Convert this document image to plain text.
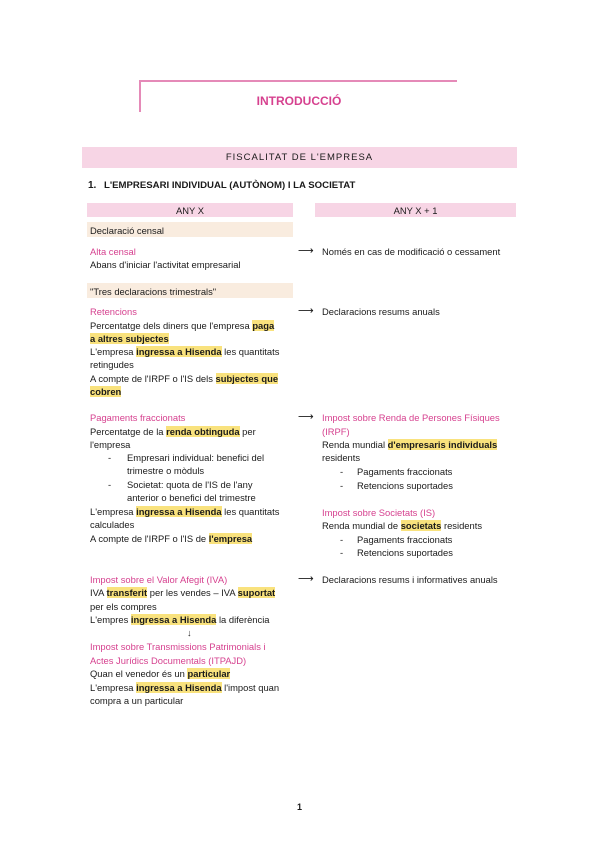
INTRODUCCIÓ
FISCALITAT DE L'EMPRESA
1. L'EMPRESARI INDIVIDUAL (AUTÒNOM) I LA SOCIETAT
ANY X	ANY X + 1
Declaració censal
Alta censal
Abans d'iniciar l'activitat empresarial
⟶ Només en cas de modificació o cessament
"Tres declaracions trimestrals"
Retencions
Percentatge dels diners que l'empresa paga
a altres subjectes
L'empresa ingressa a Hisenda les quantitats
retingudes
A compte de l'IRPF o l'IS dels subjectes que
cobren
⟶ Declaracions resums anuals
Pagaments fraccionats
Percentatge de la renda obtinguda per
l'empresa
- Empresari individual: benefici del
trimestre o mòduls
- Societat: quota de l'IS de l'any
anterior o benefici del trimestre
L'empresa ingressa a Hisenda les quantitats
calculades
A compte de l'IRPF o l'IS de l'empresa
⟶ Impost sobre Renda de Persones Físiques
(IRPF)
Renda mundial d'empresaris individuals
residents
- Pagaments fraccionats
- Retencions suportades
Impost sobre Societats (IS)
Renda mundial de societats residents
- Pagaments fraccionats
- Retencions suportades
Impost sobre el Valor Afegit (IVA)
IVA transferit per les vendes – IVA suportat
per els compres
L'empres ingressa a Hisenda la diferència
↓
Impost sobre Transmissions Patrimonials i
Actes Jurídics Documentals (ITPAJD)
Quan el venedor és un particular
L'empresa ingressa a Hisenda l'impost quan
compra a un particular
⟶ Declaracions resums i informatives anuals
1
